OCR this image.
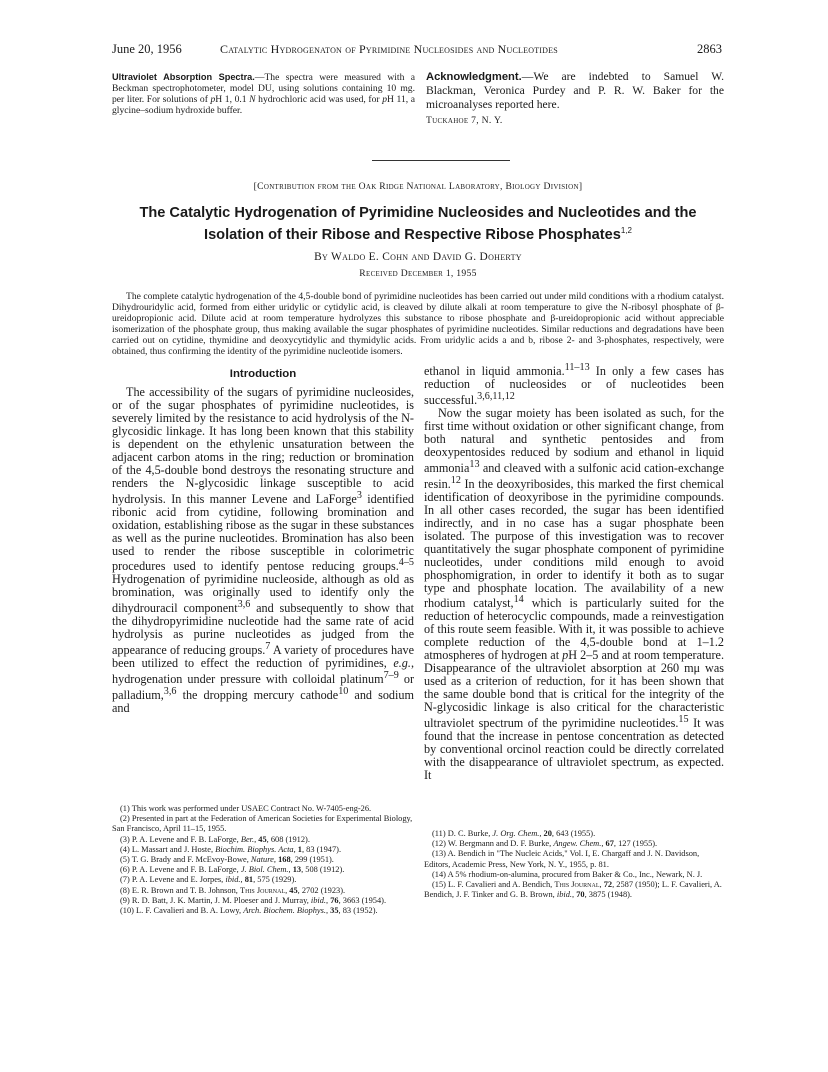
June 20, 1956	Catalytic Hydrogenaton of Pyrimidine Nucleosides and Nucleotides	2863
Ultraviolet Absorption Spectra.—The spectra were measured with a Beckman spectrophotometer, model DU, using solutions containing 10 mg. per liter. For solutions of pH 1, 0.1 N hydrochloric acid was used, for pH 11, a glycine–sodium hydroxide buffer.
Acknowledgment.—We are indebted to Samuel W. Blackman, Veronica Purdey and P. R. W. Baker for the microanalyses reported here.
Tuckahoe 7, N. Y.
[Contribution from the Oak Ridge National Laboratory, Biology Division]
The Catalytic Hydrogenation of Pyrimidine Nucleosides and Nucleotides and the
Isolation of their Ribose and Respective Ribose Phosphates$^{1,2}$
By Waldo E. Cohn and David G. Doherty
Received December 1, 1955
The complete catalytic hydrogenation of the 4,5-double bond of pyrimidine nucleotides has been carried out under mild conditions with a rhodium catalyst. Dihydrouridylic acid, formed from either uridylic or cytidylic acid, is cleaved by dilute alkali at room temperature to give the N-ribosyl phosphate of β-ureidopropionic acid. Dilute acid at room temperature hydrolyzes this substance to ribose phosphate and β-ureidopropionic acid without appreciable isomerization of the phosphate group, thus making available the sugar phosphates of pyrimidine nucleotides. Similar reductions and degradations have been carried out on cytidine, thymidine and deoxycytidylic and thymidylic acids. From uridylic acids a and b, ribose 2- and 3-phosphates, respectively, were obtained, thus confirming the identity of the pyrimidine nucleotide isomers.
Introduction

The accessibility of the sugars of pyrimidine nucleosides, or of the sugar phosphates of pyrimidine nucleotides, is severely limited by the resistance to acid hydrolysis of the N-glycosidic linkage. It has long been known that this stability is dependent on the ethylenic unsaturation between the adjacent carbon atoms in the ring; reduction or bromination of the 4,5-double bond destroys the resonating structure and renders the N-glycosidic linkage susceptible to acid hydrolysis. In this manner Levene and LaForge$^3$ identified ribonic acid from cytidine, following bromination and oxidation, establishing ribose as the sugar in these substances as well as the purine nucleotides. Bromination has also been used to render the ribose susceptible in colorimetric procedures used to identify pentose reducing groups.$^{4-5}$ Hydrogenation of pyrimidine nucleoside, although as old as bromination, was originally used to identify only the dihydrouracil component$^{3,6}$ and subsequently to show that the dihydropyrimidine nucleotide had the same rate of acid hydrolysis as purine nucleotides as judged from the appearance of reducing groups.$^7$ A variety of procedures have been utilized to effect the reduction of pyrimidines, e.g., hydrogenation under pressure with colloidal platinum$^{7-9}$ or palladium,$^{3,6}$ the dropping mercury cathode$^{10}$ and sodium and

ethanol in liquid ammonia.$^{11-13}$ In only a few cases has reduction of nucleosides or of nucleotides been successful.$^{3,6,11,12}$

Now the sugar moiety has been isolated as such, for the first time without oxidation or other significant change, from both natural and synthetic pentosides and from deoxypentosides reduced by sodium and ethanol in liquid ammonia$^{13}$ and cleaved with a sulfonic acid cation-exchange resin.$^{12}$ In the deoxyribosides, this marked the first chemical identification of deoxyribose in the pyrimidine compounds. In all other cases recorded, the sugar has been identified indirectly, and in no case has a sugar phosphate been isolated. The purpose of this investigation was to recover quantitatively the sugar phosphate component of pyrimidine nucleotides, under conditions mild enough to avoid phosphomigration, in order to identify it both as to sugar type and phosphate location. The availability of a new rhodium catalyst,$^{14}$ which is particularly suited for the reduction of heterocyclic compounds, made a reinvestigation of this route seem feasible. With it, it was possible to achieve complete reduction of the 4,5-double bond at 1–1.2 atmospheres of hydrogen at pH 2–5 and at room temperature. Disappearance of the ultraviolet absorption at 260 mμ was used as a criterion of reduction, for it has been shown that the same double bond that is critical for the integrity of the N-glycosidic linkage is also critical for the characteristic ultraviolet spectrum of the pyrimidine nucleotides.$^{15}$ It was found that the increase in pentose concentration as detected by conventional orcinol reaction could be directly correlated with the disappearance of ultraviolet spectrum, as expected. It

(1) This work was performed under USAEC Contract No. W-7405-eng-26.

(2) Presented in part at the Federation of American Societies for Experimental Biology, San Francisco, April 11–15, 1955.

(3) P. A. Levene and F. B. LaForge, Ber., 45, 608 (1912).

(4) L. Massart and J. Hoste, Biochim. Biophys. Acta, 1, 83 (1947).

(5) T. G. Brady and F. McEvoy-Bowe, Nature, 168, 299 (1951).

(6) P. A. Levene and F. B. LaForge, J. Biol. Chem., 13, 508 (1912).

(7) P. A. Levene and E. Jorpes, ibid., 81, 575 (1929).

(8) E. R. Brown and T. B. Johnson, This Journal, 45, 2702 (1923).

(9) R. D. Batt, J. K. Martin, J. M. Ploeser and J. Murray, ibid., 76, 3663 (1954).

(10) L. F. Cavalieri and B. A. Lowy, Arch. Biochem. Biophys., 35, 83 (1952).

(11) D. C. Burke, J. Org. Chem., 20, 643 (1955).

(12) W. Bergmann and D. F. Burke, Angew. Chem., 67, 127 (1955).

(13) A. Bendich in "The Nucleic Acids," Vol. I, E. Chargaff and J. N. Davidson, Editors, Academic Press, New York, N. Y., 1955, p. 81.

(14) A 5% rhodium-on-alumina, procured from Baker & Co., Inc., Newark, N. J.

(15) L. F. Cavalieri and A. Bendich, This Journal, 72, 2587 (1950); L. F. Cavalieri, A. Bendich, J. F. Tinker and G. B. Brown, ibid., 70, 3875 (1948).
